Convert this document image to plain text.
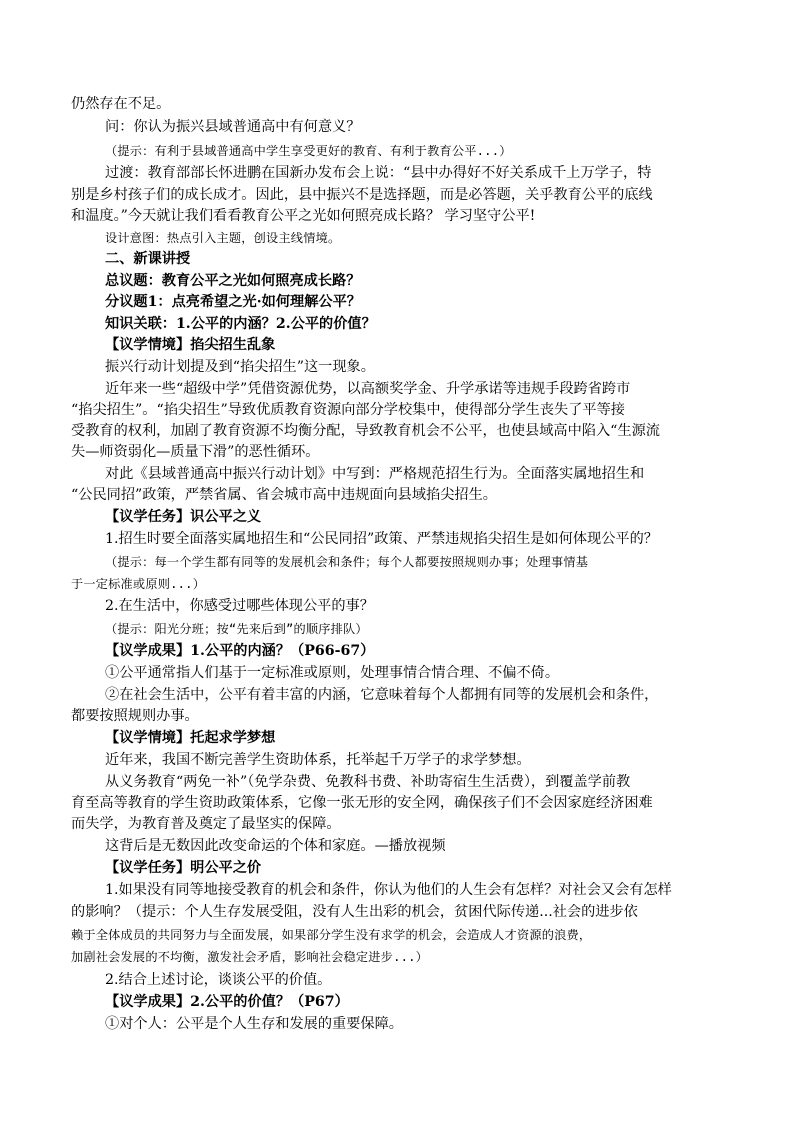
仍然存在不足。

问：你认为振兴县域普通高中有何意义？

（提示：有利于县域普通高中学生享受更好的教育、有利于教育公平...）

过渡：教育部部长怀进鹏在国新办发布会上说：“县中办得好不好关系成千上万学子，特

别是乡村孩子们的成长成才。因此，县中振兴不是选择题，而是必答题，关乎教育公平的底线

和温度。”今天就让我们看看教育公平之光如何照亮成长路？ 学习坚守公平!

设计意图：热点引入主题，创设主线情境。

二、新课讲授

总议题：教育公平之光如何照亮成长路？

分议题1：点亮希望之光·如何理解公平？

知识关联：1.公平的内涵？2.公平的价值？

【议学情境】掐尖招生乱象

振兴行动计划提及到“掐尖招生”这一现象。

近年来一些“超级中学”凭借资源优势，以高额奖学金、升学承诺等违规手段跨省跨市

“掐尖招生”。“掐尖招生”导致优质教育资源向部分学校集中，使得部分学生丧失了平等接

受教育的权利，加剧了教育资源不均衡分配，导致教育机会不公平，也使县域高中陷入“生源流

失—师资弱化—质量下滑”的恶性循环。

对此《县域普通高中振兴行动计划》中写到：严格规范招生行为。全面落实属地招生和

“公民同招”政策，严禁省属、省会城市高中违规面向县域掐尖招生。

【议学任务】识公平之义

1.招生时要全面落实属地招生和“公民同招”政策、严禁违规掐尖招生是如何体现公平的？

（提示：每一个学生都有同等的发展机会和条件；每个人都要按照规则办事；处理事情基

于一定标准或原则...）

2.在生活中，你感受过哪些体现公平的事？

（提示：阳光分班；按“先来后到”的顺序排队）

【议学成果】1.公平的内涵？（P66-67）

①公平通常指人们基于一定标准或原则，处理事情合情合理、不偏不倚。

②在社会生活中，公平有着丰富的内涵，它意味着每个人都拥有同等的发展机会和条件，

都要按照规则办事。

【议学情境】托起求学梦想

近年来，我国不断完善学生资助体系，托举起千万学子的求学梦想。

从义务教育“两免一补”（免学杂费、免教科书费、补助寄宿生生活费），到覆盖学前教

育至高等教育的学生资助政策体系，它像一张无形的安全网，确保孩子们不会因家庭经济困难

而失学，为教育普及奠定了最坚实的保障。

这背后是无数因此改变命运的个体和家庭。—播放视频

【议学任务】明公平之价

1.如果没有同等地接受教育的机会和条件，你认为他们的人生会有怎样？对社会又会有怎样

的影响？（提示：个人生存发展受阻，没有人生出彩的机会，贫困代际传递...社会的进步依

赖于全体成员的共同努力与全面发展，如果部分学生没有求学的机会，会造成人才资源的浪费，

加剧社会发展的不均衡，激发社会矛盾，影响社会稳定进步...）

2.结合上述讨论，谈谈公平的价值。

【议学成果】2.公平的价值？（P67）

①对个人：公平是个人生存和发展的重要保障。
